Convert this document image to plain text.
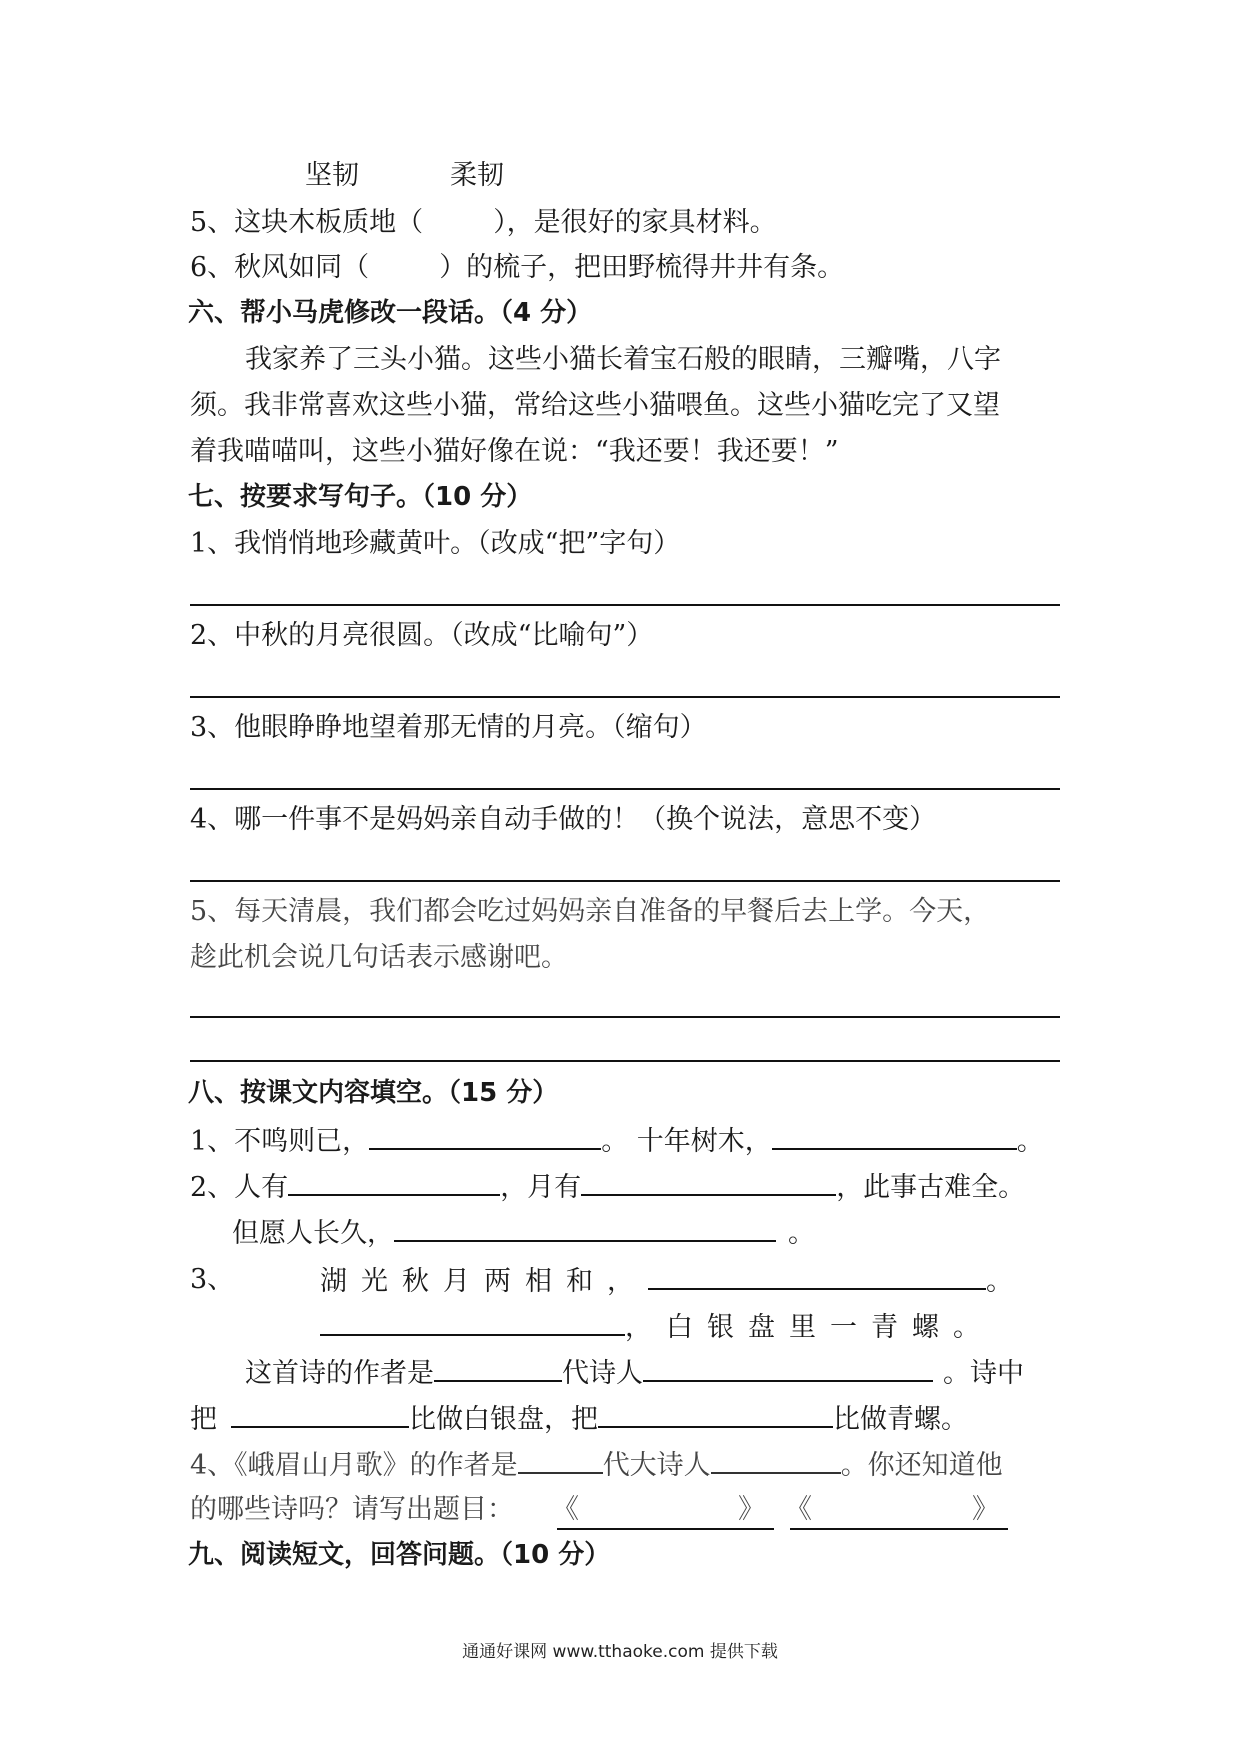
坚韧	柔韧
5、这块木板质地（	），是很好的家具材料。
6、秋风如同（	）的梳子，把田野梳得井井有条。
六、帮小马虎修改一段话。（4 分）
我家养了三头小猫。这些小猫长着宝石般的眼睛，三瓣嘴，八字
须。我非常喜欢这些小猫，常给这些小猫喂鱼。这些小猫吃完了又望
着我喵喵叫，这些小猫好像在说：“我还要！我还要！”
七、按要求写句子。（10 分）
1、我悄悄地珍藏黄叶。（改成“把”字句）
2、中秋的月亮很圆。（改成“比喻句”）
3、他眼睁睁地望着那无情的月亮。（缩句）
4、哪一件事不是妈妈亲自动手做的！（换个说法，意思不变）
5、每天清晨，我们都会吃过妈妈亲自准备的早餐后去上学。今天，
趁此机会说几句话表示感谢吧。
八、按课文内容填空。（15 分）
1、不鸣则已，	。 十年树木，	。
2、人有	，月有	，此事古难全。
但愿人长久，	。
3、	湖光秋月两相和，	。
，白银盘里一青螺。
这首诗的作者是	代诗人	。诗中
把	比做白银盘，把	比做青螺。
4、《峨眉山月歌》的作者是	代大诗人	。你还知道他
的哪些诗吗？请写出题目： 《	》 《	》
九、阅读短文，回答问题。（10 分）
通通好课网 www.tthaoke.com 提供下载
